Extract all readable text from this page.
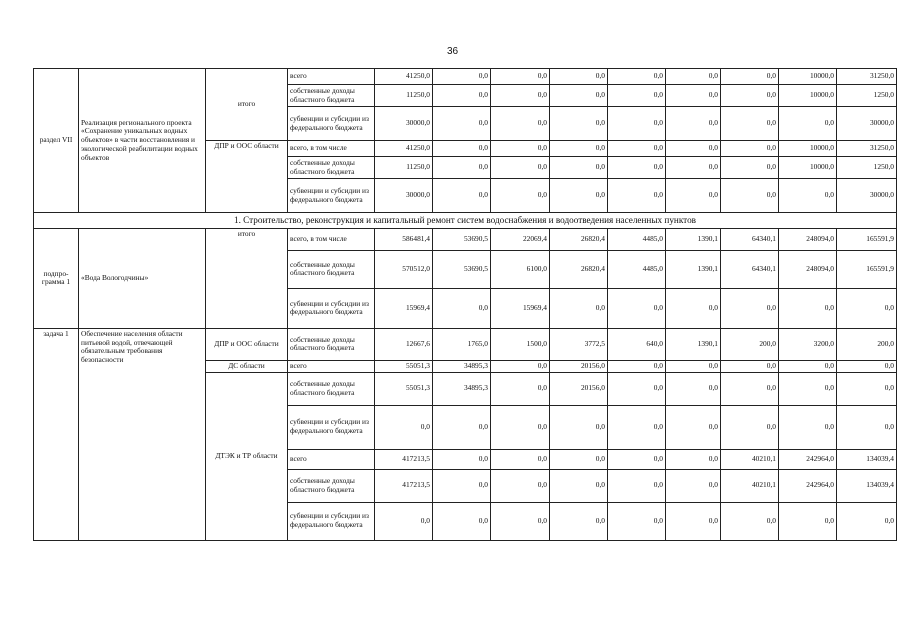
36
раздел VII	Реализация регионального проекта «Сохранение уникальных водных объектов» в части восстановления и экологической реабилитации водных объектов	итого	всего	41250,0	0,0	0,0	0,0	0,0	0,0	0,0	10000,0	31250,0
			собственные доходы областного бюджета	11250,0	0,0	0,0	0,0	0,0	0,0	0,0	10000,0	1250,0
			субвенции и субсидии из федерального бюджета	30000,0	0,0	0,0	0,0	0,0	0,0	0,0	0,0	30000,0
		ДПР и ООС области	всего, в том числе	41250,0	0,0	0,0	0,0	0,0	0,0	0,0	10000,0	31250,0
			собственные доходы областного бюджета	11250,0	0,0	0,0	0,0	0,0	0,0	0,0	10000,0	1250,0
			субвенции и субсидии из федерального бюджета	30000,0	0,0	0,0	0,0	0,0	0,0	0,0	0,0	30000,0
1. Строительство, реконструкция и капитальный ремонт систем водоснабжения и водоотведения населенных пунктов												
подпро-грамма 1	«Вода Вологодчины»	итого	всего, в том числе	586481,4	53690,5	22069,4	26820,4	4485,0	1390,1	64340,1	248094,0	165591,9
			собственные доходы областного бюджета	570512,0	53690,5	6100,0	26820,4	4485,0	1390,1	64340,1	248094,0	165591,9
			субвенции и субсидии из федерального бюджета	15969,4	0,0	15969,4	0,0	0,0	0,0	0,0	0,0	0,0
задача 1	Обеспечение населения области питьевой водой, отвечающей обязательным требования безопасности	ДПР и ООС области	собственные доходы областного бюджета	12667,6	1765,0	1500,0	3772,5	640,0	1390,1	200,0	3200,0	200,0
		ДС области	всего	55051,3	34895,3	0,0	20156,0	0,0	0,0	0,0	0,0	0,0
		ДТЭК и ТР области	собственные доходы областного бюджета	55051,3	34895,3	0,0	20156,0	0,0	0,0	0,0	0,0	0,0
			субвенции и субсидии из федерального бюджета	0,0	0,0	0,0	0,0	0,0	0,0	0,0	0,0	0,0
			всего	417213,5	0,0	0,0	0,0	0,0	0,0	40210,1	242964,0	134039,4
			собственные доходы областного бюджета	417213,5	0,0	0,0	0,0	0,0	0,0	40210,1	242964,0	134039,4
			субвенции и субсидии из федерального бюджета	0,0	0,0	0,0	0,0	0,0	0,0	0,0	0,0	0,0
